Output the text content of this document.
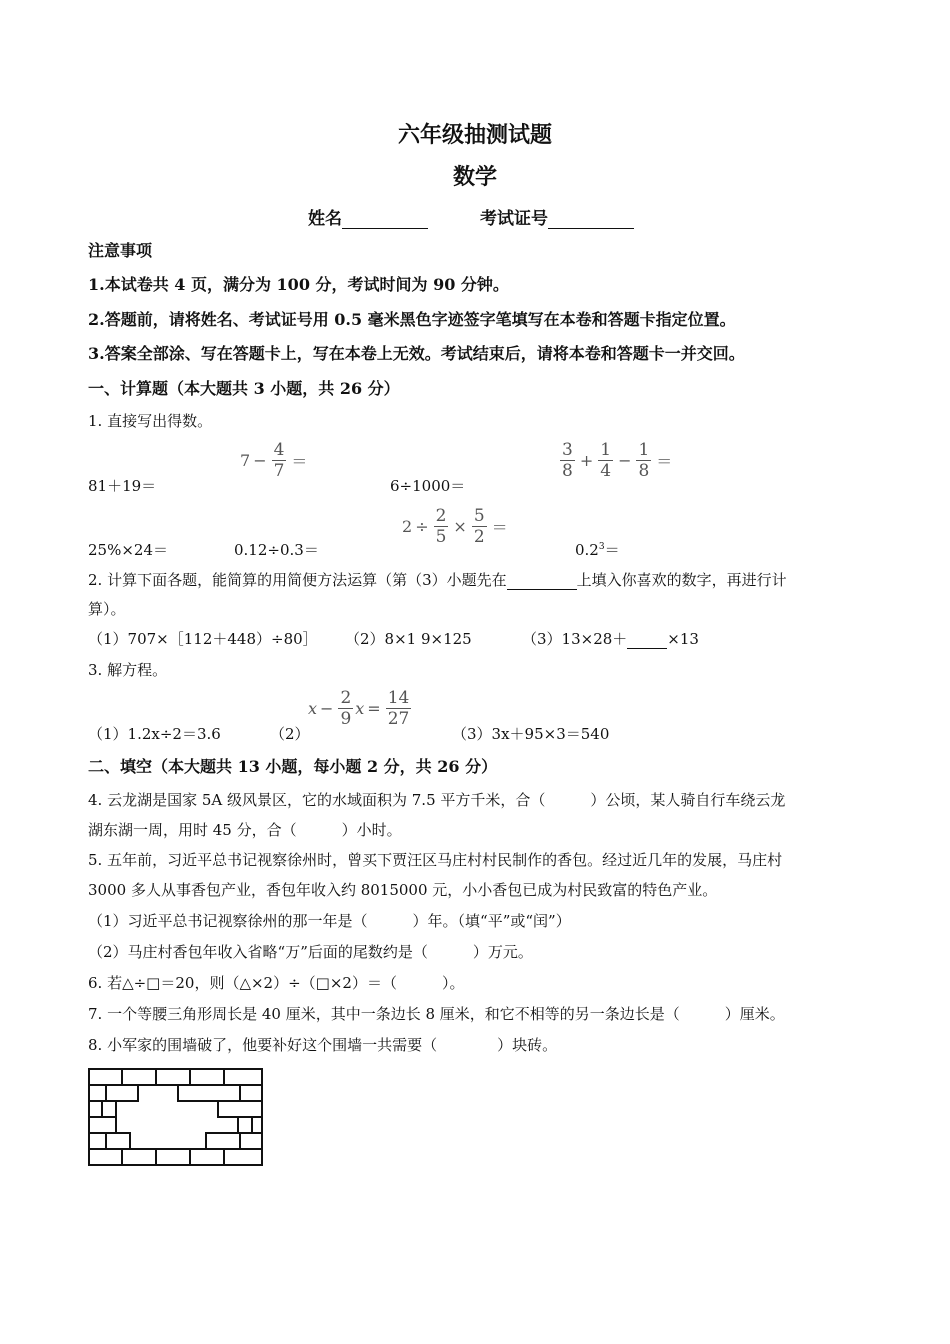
六年级抽测试题
数学
姓名	考试证号
注意事项
1.本试卷共 4 页，满分为 100 分，考试时间为 90 分钟。
2.答题前，请将姓名、考试证号用 0.5 毫米黑色字迹签字笔填写在本卷和答题卡指定位置。
3.答案全部涂、写在答题卡上，写在本卷上无效。考试结束后，请将本卷和答题卡一并交回。
一、计算题（本大题共 3 小题，共 26 分）
1. 直接写出得数。
81＋19＝
$7 - \frac{4}{7}$ ＝
6÷1000＝
$\frac{3}{8} + \frac{1}{4} - \frac{1}{8}$ ＝
25%×24＝	0.12÷0.3＝
$2 \div \frac{2}{5} \times \frac{5}{2}$ ＝
$0.2^3=$
2. 计算下面各题，能简算的用简便方法运算（第（3）小题先在	上填入你喜欢的数字，再进行计
算）。
（1）707×［112＋448）÷80］ （2）8×1 9×125	（3）13×28＋	×13
3. 解方程。
（1）1.2x÷2＝3.6	（2）
$x - \frac{2}{9}$ $x = \frac{14}{27}$
（3）3x＋95×3＝540
二、填空（本大题共 13 小题，每小题 2 分，共 26 分）
4. 云龙湖是国家 5A 级风景区，它的水域面积为 7.5 平方千米，合（　　　）公顷，某人骑自行车绕云龙
湖东湖一周，用时 45 分，合（　　　）小时。
5. 五年前，习近平总书记视察徐州时，曾买下贾汪区马庄村村民制作的香包。经过近几年的发展，马庄村
3000 多人从事香包产业，香包年收入约 8015000 元，小小香包已成为村民致富的特色产业。
（1）习近平总书记视察徐州的那一年是（　　　）年。（填“平”或“闰”）
（2）马庄村香包年收入省略“万”后面的尾数约是（　　　）万元。
6. 若△÷□＝20，则（△×2）÷（□×2）＝（　　　）。
7. 一个等腰三角形周长是 40 厘米，其中一条边长 8 厘米，和它不相等的另一条边长是（　　　）厘米。
8. 小军家的围墙破了，他要补好这个围墙一共需要（　　　　）块砖。
